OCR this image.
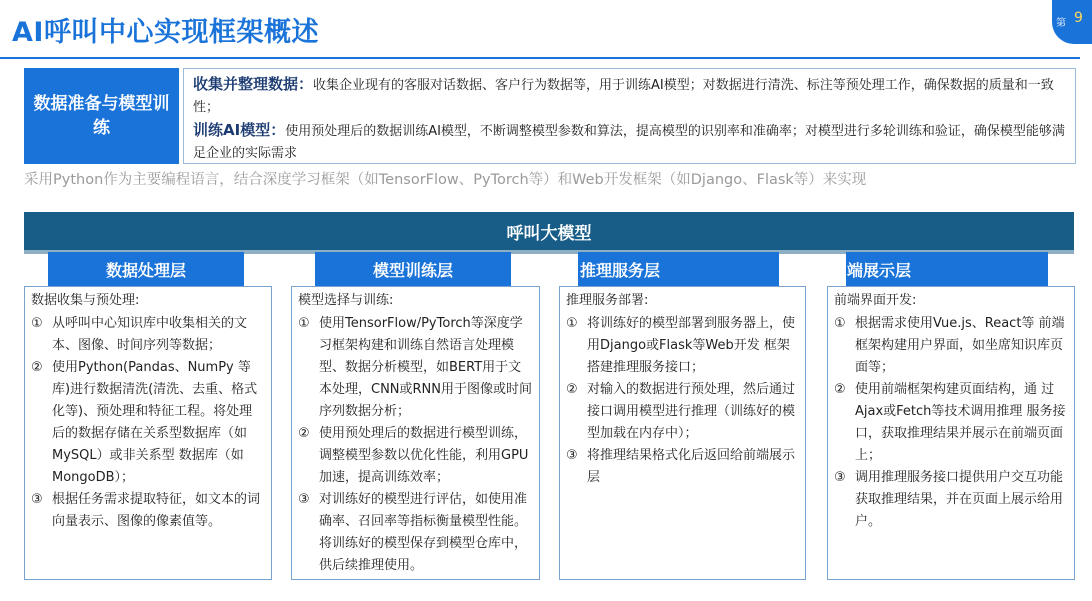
AI呼叫中心实现框架概述	第 9
数据准备与模型训练

收集并整理数据：收集企业现有的客服对话数据、客户行为数据等，用于训练AI模型；对数据进行清洗、标注等预处理工作，确保数据的质量和一致性；

训练AI模型：使用预处理后的数据训练AI模型，不断调整模型参数和算法，提高模型的识别率和准确率；对模型进行多轮训练和验证，确保模型能够满足企业的实际需求

采用Python作为主要编程语言，结合深度学习框架（如TensorFlow、PyTorch等）和Web开发框架（如Django、Flask等）来实现
呼叫大模型
数据处理层	模型训练层	推理服务层	端展示层
数据收集与预处理:
① 从呼叫中心知识库中收集相关的文本、图像、时间序列等数据；
② 使用Python(Pandas、NumPy 等库)进行数据清洗(清洗、去重、格式化等)、预处理和特征工程。将处理后的数据存储在关系型数据库（如MySQL）或非关系型 数据库（如MongoDB）；
③ 根据任务需求提取特征，如文本的词向量表示、图像的像素值等。
模型选择与训练:
① 使用TensorFlow/PyTorch等深度学习框架构建和训练自然语言处理模型、数据分析模型，如BERT用于文本处理，CNN或RNN用于图像或时间序列数据分析；
② 使用预处理后的数据进行模型训练，调整模型参数以优化性能，利用GPU加速，提高训练效率；
③ 对训练好的模型进行评估，如使用准确率、召回率等指标衡量模型性能。将训练好的模型保存到模型仓库中，供后续推理使用。
推理服务部署:
① 将训练好的模型部署到服务器上，使用Django或Flask等Web开发 框架搭建推理服务接口；
② 对输入的数据进行预处理，然后通过接口调用模型进行推理（训练好的模型加载在内存中）；
③ 将推理结果格式化后返回给前端展示层
前端界面开发:
① 根据需求使用Vue.js、React等 前端框架构建用户界面，如坐席知识库页面等；
② 使用前端框架构建页面结构，通 过Ajax或Fetch等技术调用推理 服务接口，获取推理结果并展示在前端页面上；
③ 调用推理服务接口提供用户交互功能获取推理结果，并在页面上展示给用户。
